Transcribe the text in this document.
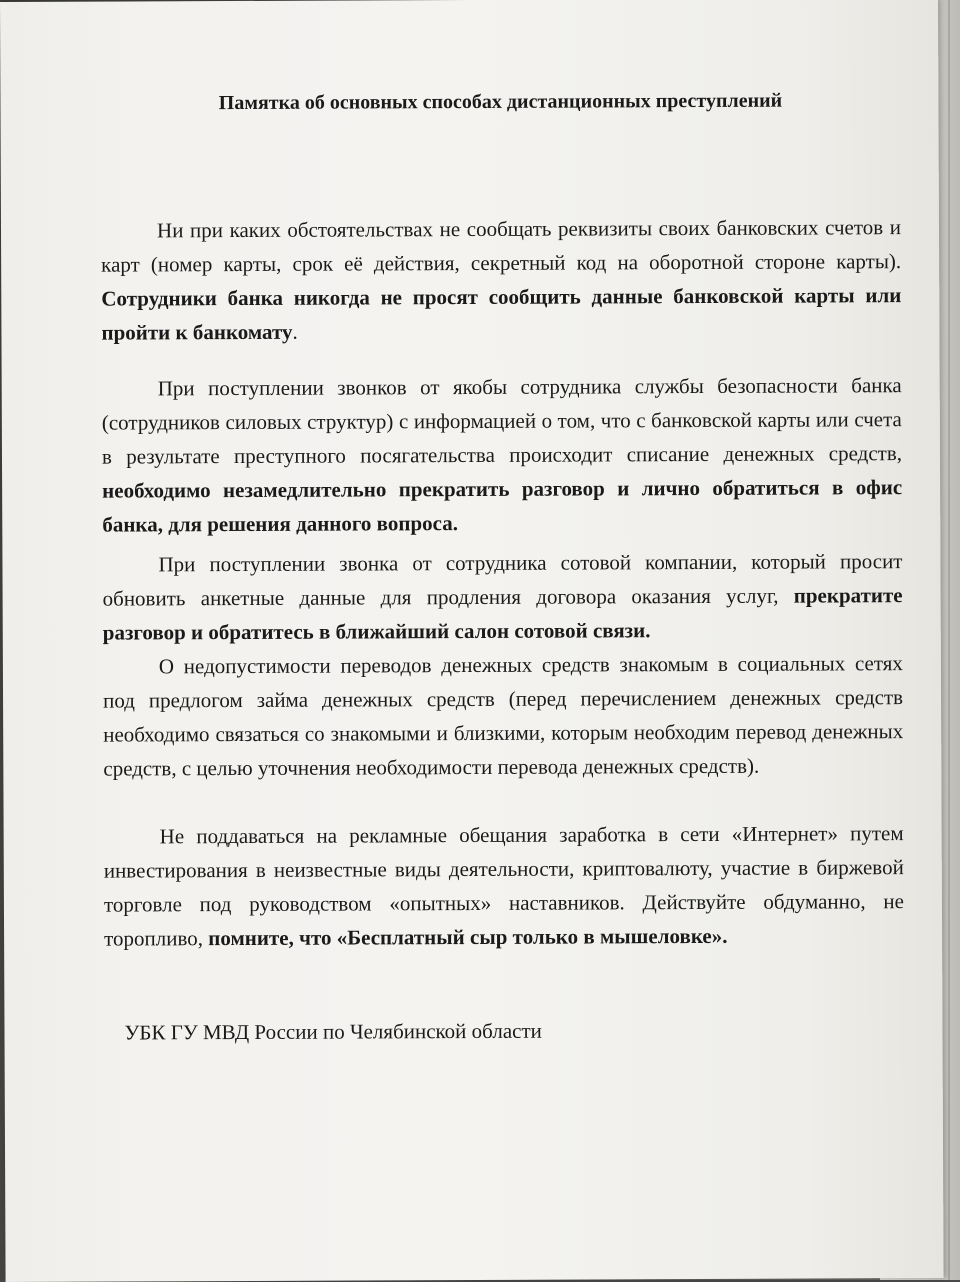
Памятка об основных способах дистанционных преступлений

Ни при каких обстоятельствах не сообщать реквизиты своих банковских счетов и карт (номер карты, срок её действия, секретный код на оборотной стороне карты). Сотрудники банка никогда не просят сообщить данные банковской карты или пройти к банкомату.

При поступлении звонков от якобы сотрудника службы безопасности банка (сотрудников силовых структур) с информацией о том, что с банковской карты или счета в результате преступного посягательства происходит списание денежных средств, необходимо незамедлительно прекратить разговор и лично обратиться в офис банка, для решения данного вопроса.

При поступлении звонка от сотрудника сотовой компании, который просит обновить анкетные данные для продления договора оказания услуг, прекратите разговор и обратитесь в ближайший салон сотовой связи.

О недопустимости переводов денежных средств знакомым в социальных сетях под предлогом займа денежных средств (перед перечислением денежных средств необходимо связаться со знакомыми и близкими, которым необходим перевод денежных средств, с целью уточнения необходимости перевода денежных средств).

Не поддаваться на рекламные обещания заработка в сети «Интернет» путем инвестирования в неизвестные виды деятельности, криптовалюту, участие в биржевой торговле под руководством «опытных» наставников. Действуйте обдуманно, не торопливо, помните, что «Бесплатный сыр только в мышеловке».

УБК ГУ МВД России по Челябинской области
